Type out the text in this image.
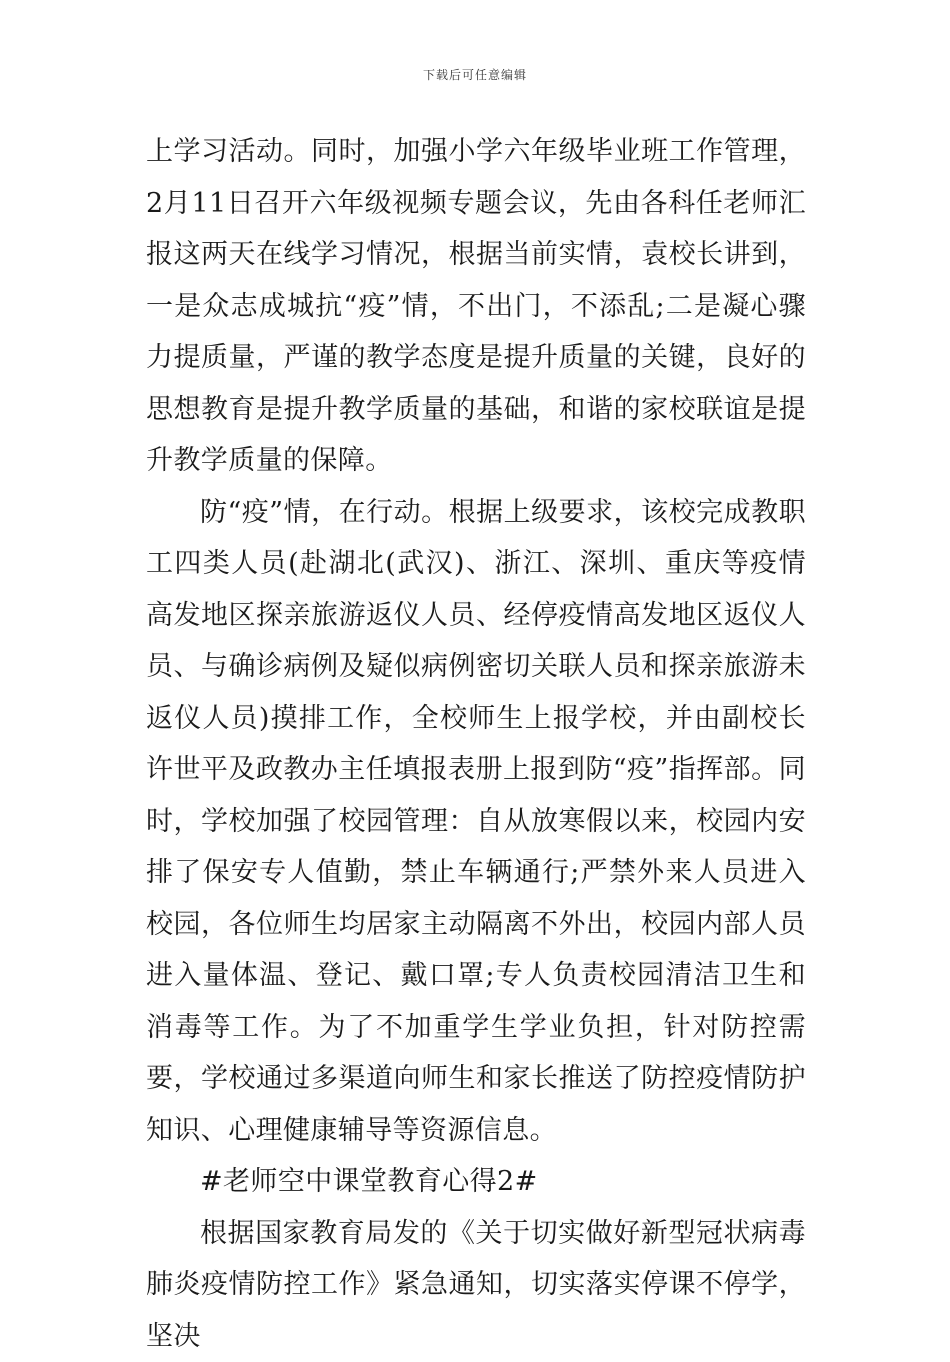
下载后可任意编辑

上学习活动。同时，加强小学六年级毕业班工作管理，2月11日召开六年级视频专题会议，先由各科任老师汇报这两天在线学习情况，根据当前实情，袁校长讲到，一是众志成城抗“疫”情，不出门，不添乱;二是凝心骤力提质量，严谨的教学态度是提升质量的关键，良好的思想教育是提升教学质量的基础，和谐的家校联谊是提升教学质量的保障。

防“疫”情，在行动。根据上级要求，该校完成教职工四类人员(赴湖北(武汉)、浙江、深圳、重庆等疫情高发地区探亲旅游返仪人员、经停疫情高发地区返仪人员、与确诊病例及疑似病例密切关联人员和探亲旅游未返仪人员)摸排工作，全校师生上报学校，并由副校长许世平及政教办主任填报表册上报到防“疫”指挥部。同时，学校加强了校园管理：自从放寒假以来，校园内安排了保安专人值勤，禁止车辆通行;严禁外来人员进入校园，各位师生均居家主动隔离不外出，校园内部人员进入量体温、登记、戴口罩;专人负责校园清洁卫生和消毒等工作。为了不加重学生学业负担，针对防控需要，学校通过多渠道向师生和家长推送了防控疫情防护知识、心理健康辅导等资源信息。

#老师空中课堂教育心得2#

根据国家教育局发的《关于切实做好新型冠状病毒肺炎疫情防控工作》紧急通知，切实落实停课不停学，坚决
